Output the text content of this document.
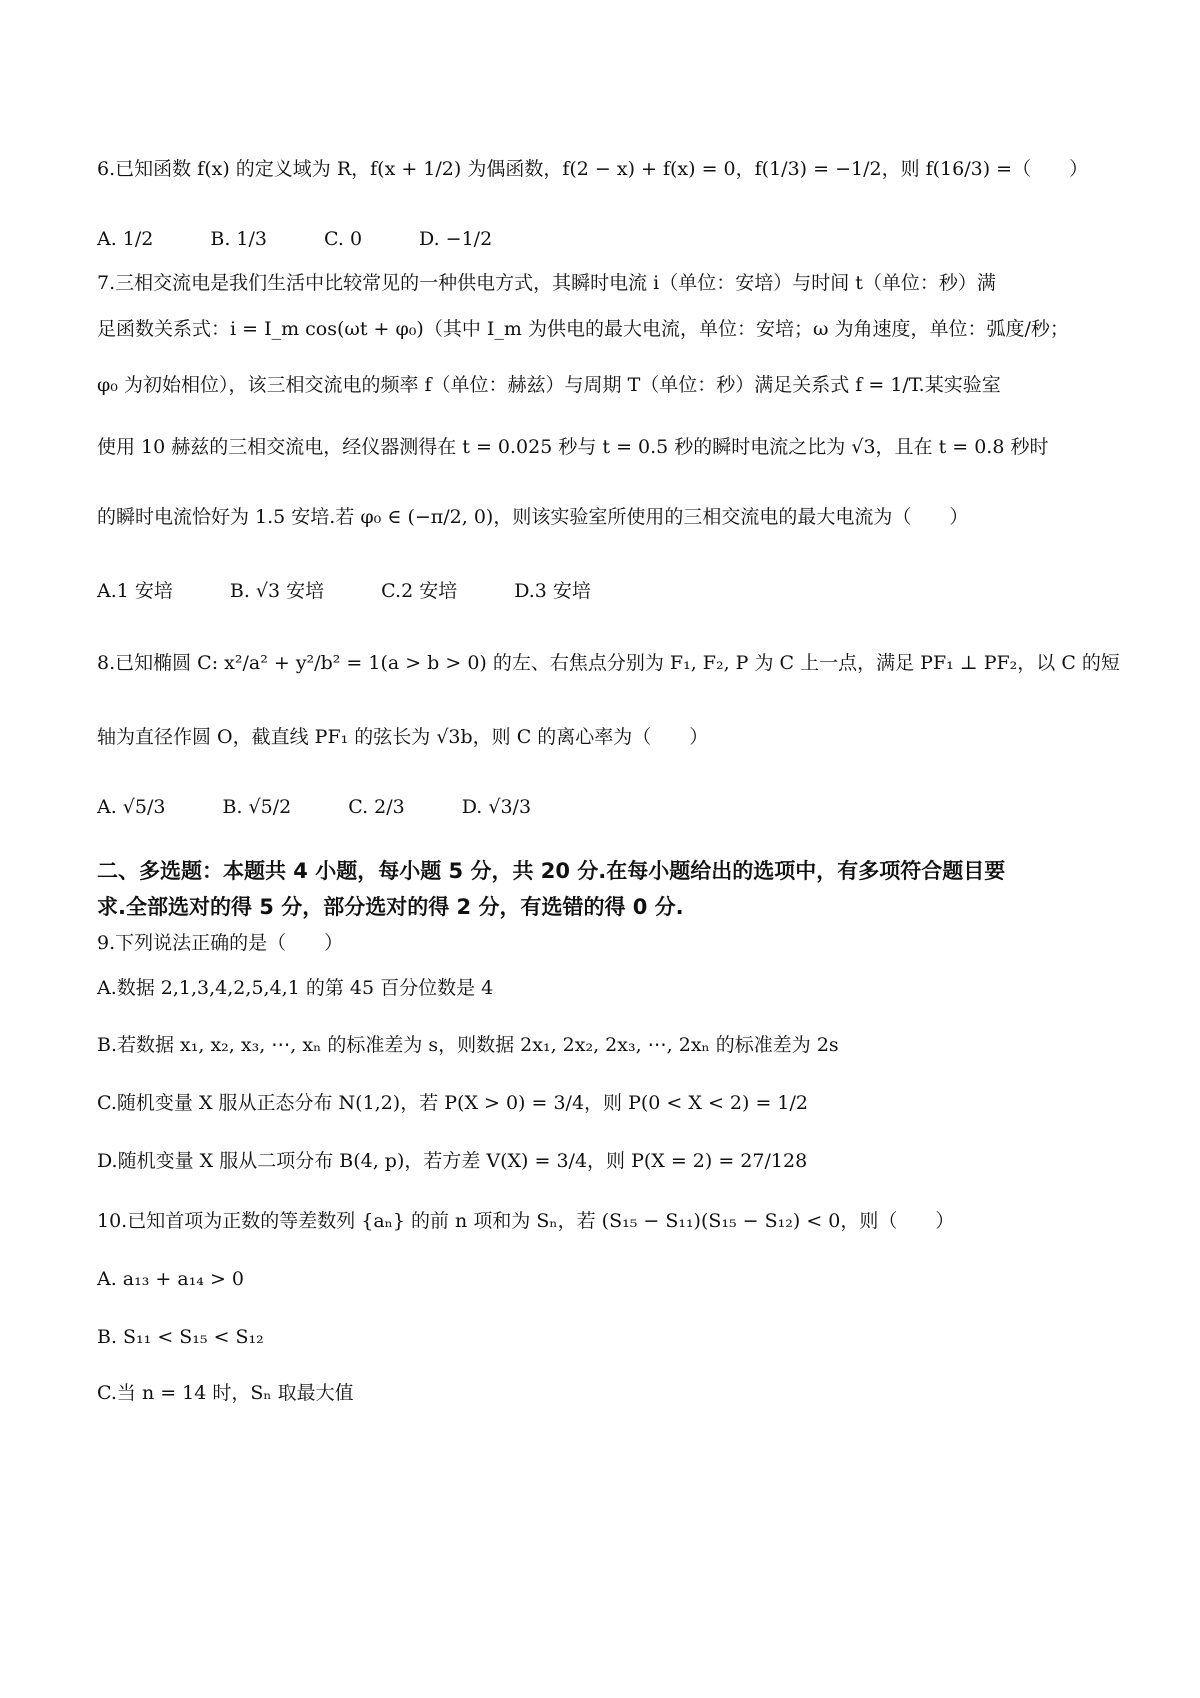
6.已知函数 f(x) 的定义域为 R，f(x + 1/2) 为偶函数，f(2 − x) + f(x) = 0，f(1/3) = −1/2，则 f(16/3) =（　　）
A. 1/2　　　B. 1/3　　　C. 0　　　D. −1/2
7.三相交流电是我们生活中比较常见的一种供电方式，其瞬时电流 i（单位：安培）与时间 t（单位：秒）满
足函数关系式：i = I_m cos(ωt + φ₀)（其中 I_m 为供电的最大电流，单位：安培；ω 为角速度，单位：弧度/秒；
φ₀ 为初始相位），该三相交流电的频率 f（单位：赫兹）与周期 T（单位：秒）满足关系式 f = 1/T.某实验室
使用 10 赫兹的三相交流电，经仪器测得在 t = 0.025 秒与 t = 0.5 秒的瞬时电流之比为 √3，且在 t = 0.8 秒时
的瞬时电流恰好为 1.5 安培.若 φ₀ ∈ (−π/2, 0)，则该实验室所使用的三相交流电的最大电流为（　　）
A.1 安培　　　B. √3 安培　　　C.2 安培　　　D.3 安培
8.已知椭圆 C: x²/a² + y²/b² = 1(a > b > 0) 的左、右焦点分别为 F₁, F₂, P 为 C 上一点，满足 PF₁ ⊥ PF₂，以 C 的短
轴为直径作圆 O，截直线 PF₁ 的弦长为 √3b，则 C 的离心率为（　　）
A. √5/3　　　B. √5/2　　　C. 2/3　　　D. √3/3
二、多选题：本题共 4 小题，每小题 5 分，共 20 分.在每小题给出的选项中，有多项符合题目要
求.全部选对的得 5 分，部分选对的得 2 分，有选错的得 0 分.
9.下列说法正确的是（　　）
A.数据 2,1,3,4,2,5,4,1 的第 45 百分位数是 4
B.若数据 x₁, x₂, x₃, ⋯, xₙ 的标准差为 s，则数据 2x₁, 2x₂, 2x₃, ⋯, 2xₙ 的标准差为 2s
C.随机变量 X 服从正态分布 N(1,2)，若 P(X > 0) = 3/4，则 P(0 < X < 2) = 1/2
D.随机变量 X 服从二项分布 B(4, p)，若方差 V(X) = 3/4，则 P(X = 2) = 27/128
10.已知首项为正数的等差数列 {aₙ} 的前 n 项和为 Sₙ，若 (S₁₅ − S₁₁)(S₁₅ − S₁₂) < 0，则（　　）
A. a₁₃ + a₁₄ > 0
B. S₁₁ < S₁₅ < S₁₂
C.当 n = 14 时，Sₙ 取最大值
